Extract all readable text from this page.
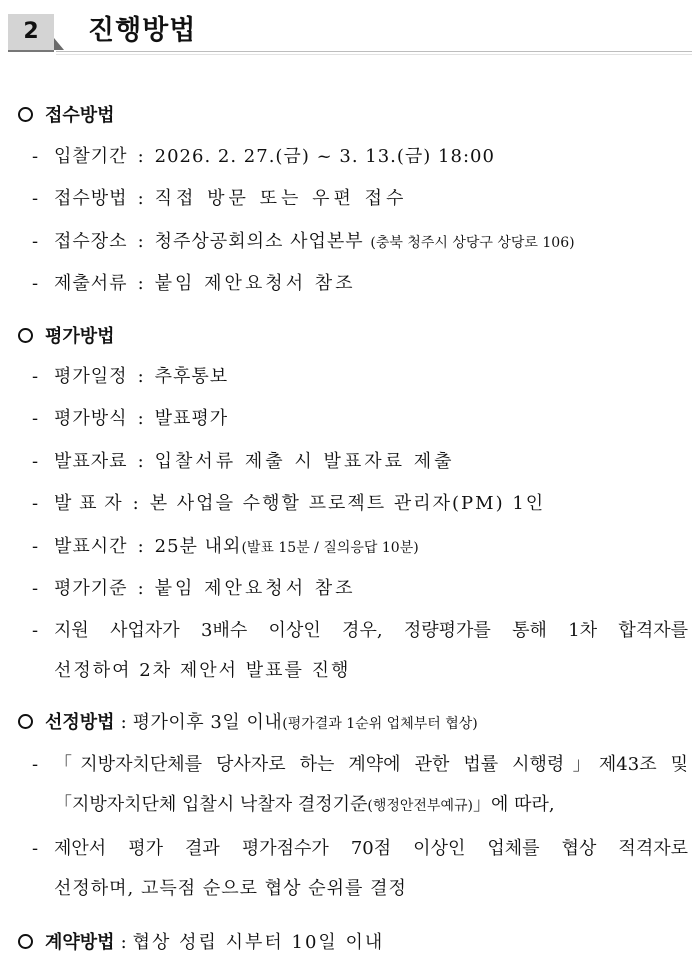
2	진행방법
접수방법
- 입찰기간 : 2026. 2. 27.(금) ~ 3. 13.(금) 18:00
- 접수방법 : 직접 방문 또는 우편 접수
- 접수장소 : 청주상공회의소 사업본부 (충북 청주시 상당구 상당로 106)
- 제출서류 : 붙임 제안요청서 참조
평가방법
- 평가일정 : 추후통보
- 평가방식 : 발표평가
- 발표자료 : 입찰서류 제출 시 발표자료 제출
- 발 표 자 : 본 사업을 수행할 프로젝트 관리자(PM) 1인
- 발표시간 : 25분 내외(발표 15분 / 질의응답 10분)
- 평가기준 : 붙임 제안요청서 참조
- 지원 사업자가 3배수 이상인 경우, 정량평가를 통해 1차 합격자를
선정하여 2차 제안서 발표를 진행
선정방법 : 평가이후 3일 이내(평가결과 1순위 업체부터 협상)
- 「지방자치단체를 당사자로 하는 계약에 관한 법률 시행령」제43조 및
「지방자치단체 입찰시 낙찰자 결정기준(행정안전부예규)」에 따라,
- 제안서 평가 결과 평가점수가 70점 이상인 업체를 협상 적격자로
선정하며, 고득점 순으로 협상 순위를 결정
계약방법 : 협상 성립 시부터 10일 이내
